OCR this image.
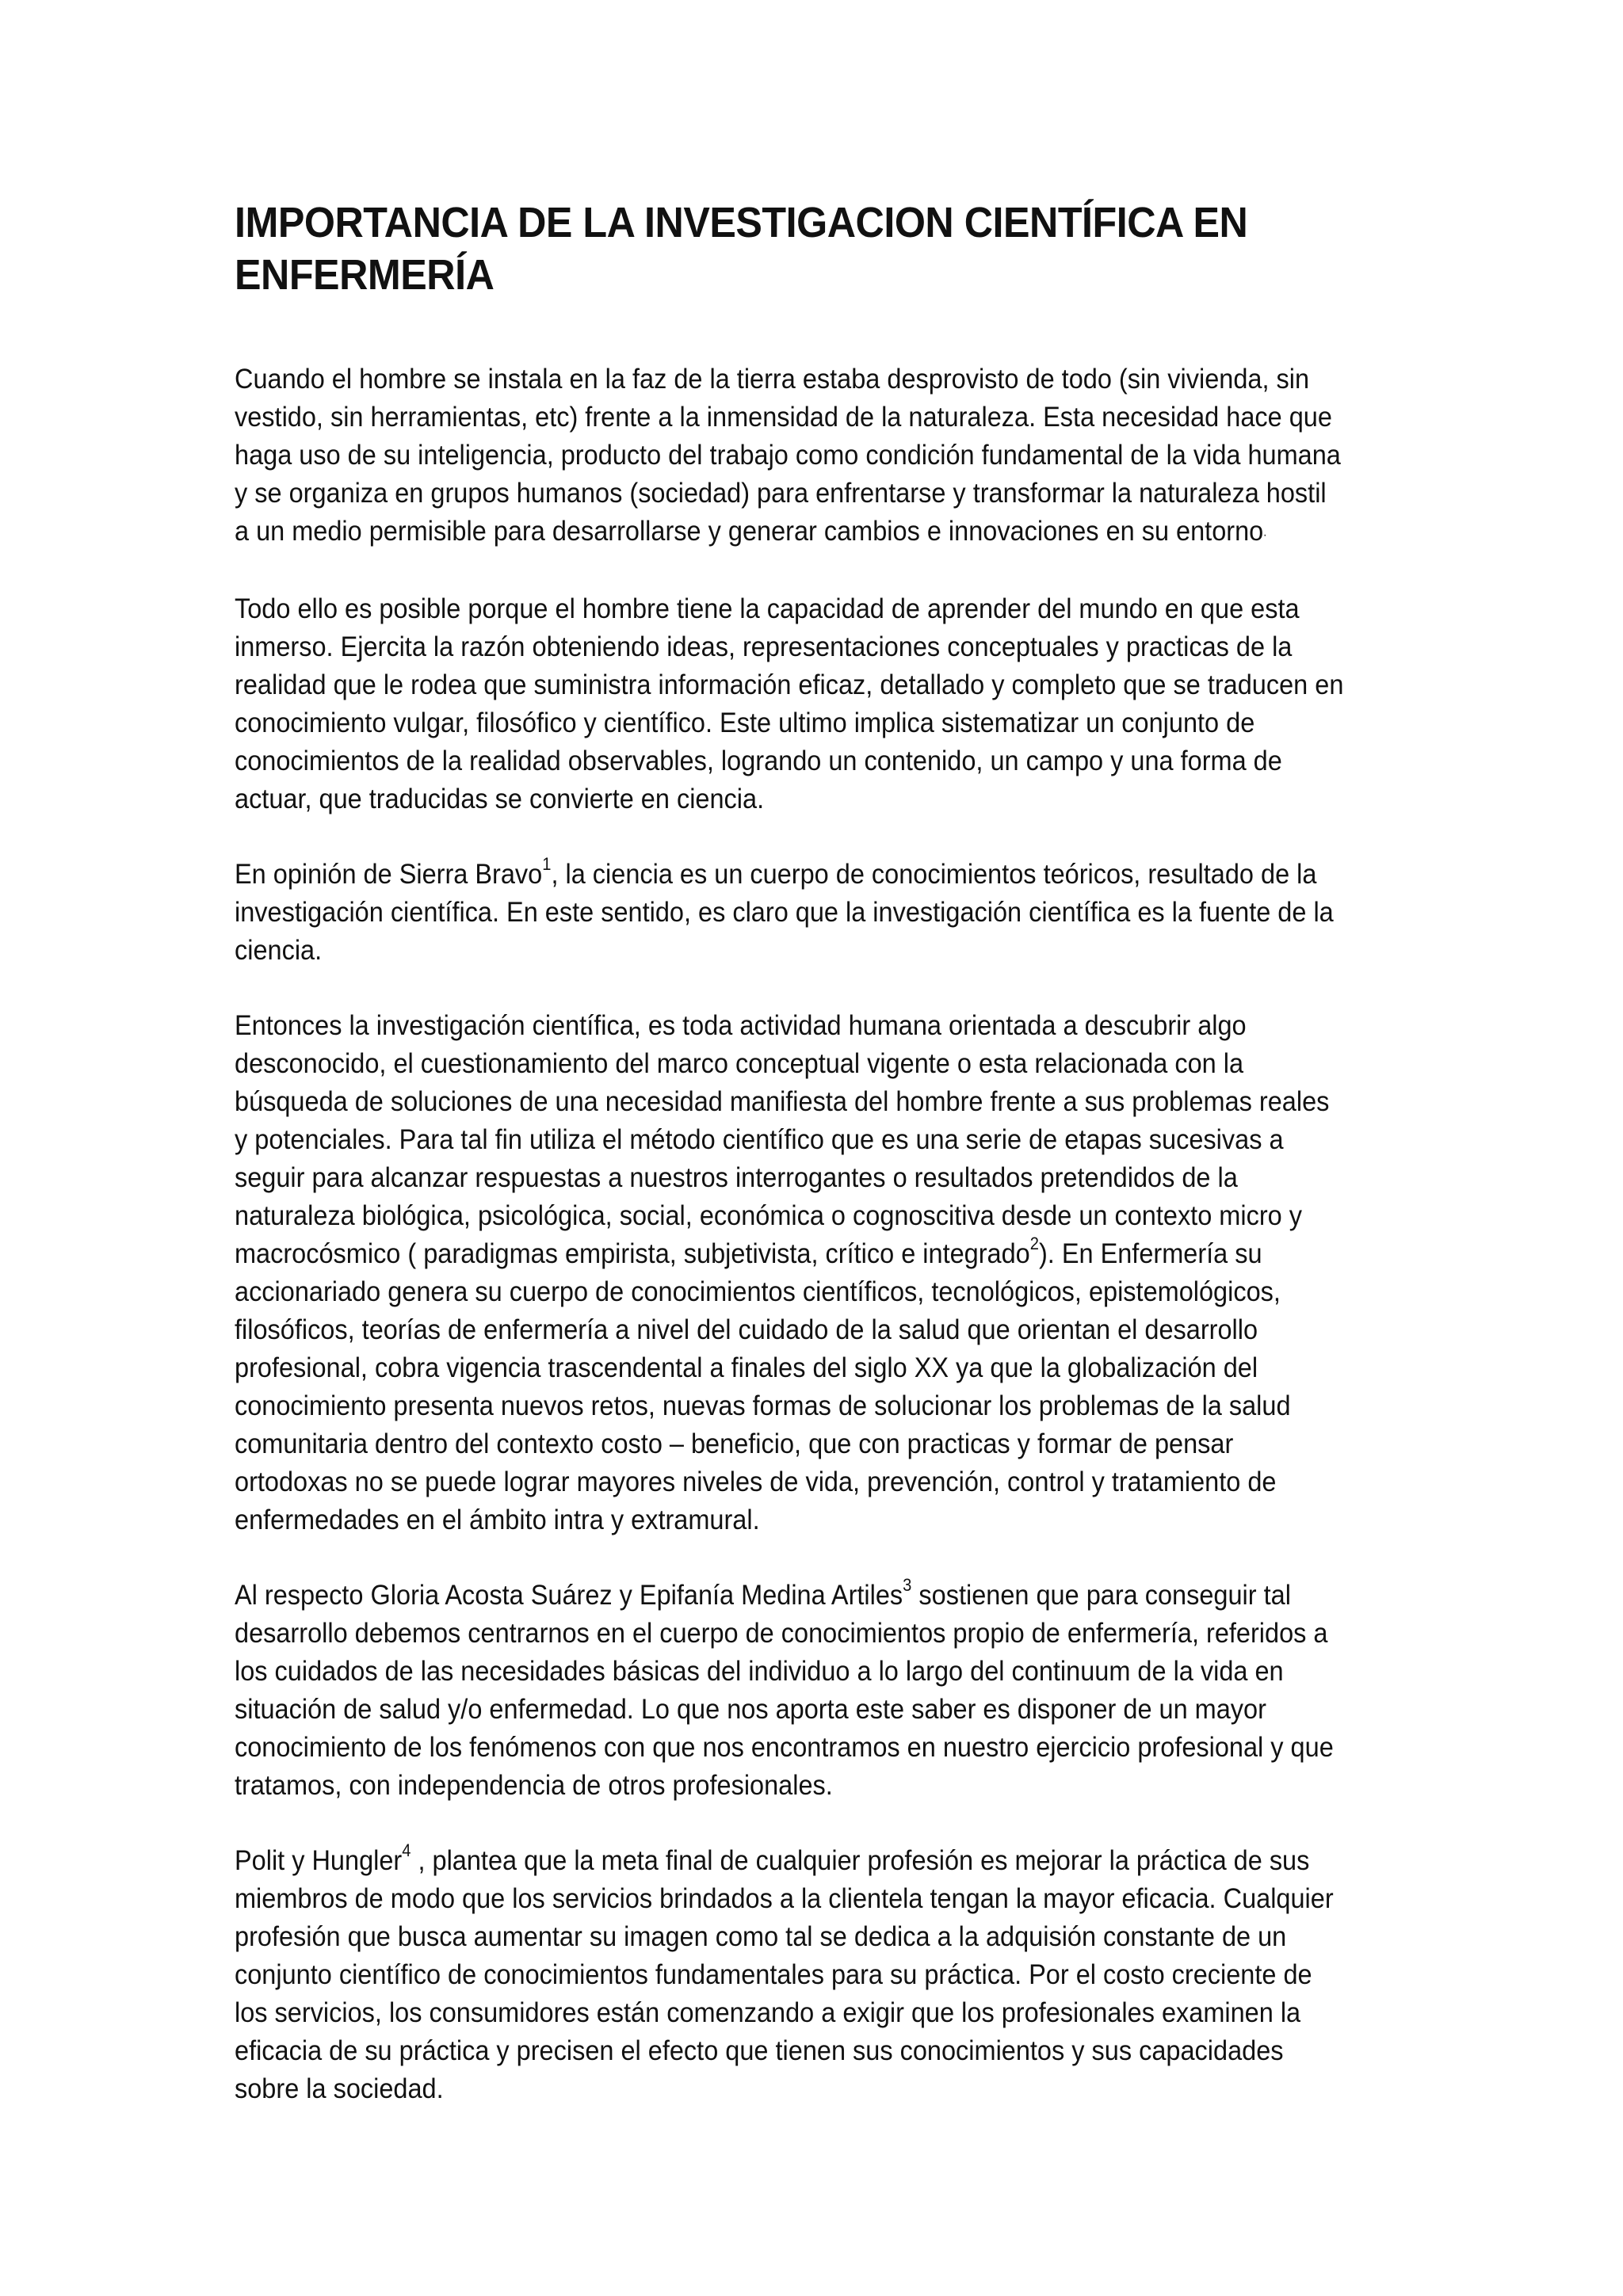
IMPORTANCIA DE LA INVESTIGACION CIENTÍFICA EN
ENFERMERÍA

Cuando el hombre se instala en la faz de la tierra estaba desprovisto de todo (sin vivienda, sin
vestido, sin herramientas, etc) frente a la inmensidad de la naturaleza. Esta necesidad hace que
haga uso de su inteligencia, producto del trabajo como condición fundamental de la vida humana
y se organiza en grupos humanos (sociedad) para enfrentarse y transformar la naturaleza hostil
a un medio permisible para desarrollarse y generar cambios e innovaciones en su entorno.

Todo ello es posible porque el hombre tiene la capacidad de aprender del mundo en que esta
inmerso. Ejercita la razón obteniendo ideas, representaciones conceptuales y practicas de la
realidad que le rodea que suministra información eficaz, detallado y completo que se traducen en
conocimiento vulgar, filosófico y científico. Este ultimo implica sistematizar un conjunto de
conocimientos de la realidad observables, logrando un contenido, un campo y una forma de
actuar, que traducidas se convierte en ciencia.

En opinión de Sierra Bravo$^1$, la ciencia es un cuerpo de conocimientos teóricos, resultado de la
investigación científica. En este sentido, es claro que la investigación científica es la fuente de la
ciencia.

Entonces la investigación científica, es toda actividad humana orientada a descubrir algo
desconocido, el cuestionamiento del marco conceptual vigente o esta relacionada con la
búsqueda de soluciones de una necesidad manifiesta del hombre frente a sus problemas reales
y potenciales. Para tal fin utiliza el método científico que es una serie de etapas sucesivas a
seguir para alcanzar respuestas a nuestros interrogantes o resultados pretendidos de la
naturaleza biológica, psicológica, social, económica o cognoscitiva desde un contexto micro y
macrocósmico ( paradigmas empirista, subjetivista, crítico e integrado$^2$). En Enfermería su
accionariado genera su cuerpo de conocimientos científicos, tecnológicos, epistemológicos,
filosóficos, teorías de enfermería a nivel del cuidado de la salud que orientan el desarrollo
profesional, cobra vigencia trascendental a finales del siglo XX ya que la globalización del
conocimiento presenta nuevos retos, nuevas formas de solucionar los problemas de la salud
comunitaria dentro del contexto costo – beneficio, que con practicas y formar de pensar
ortodoxas no se puede lograr mayores niveles de vida, prevención, control y tratamiento de
enfermedades en el ámbito intra y extramural.

Al respecto Gloria Acosta Suárez y Epifanía Medina Artiles$^3$ sostienen que para conseguir tal
desarrollo debemos centrarnos en el cuerpo de conocimientos propio de enfermería, referidos a
los cuidados de las necesidades básicas del individuo a lo largo del continuum de la vida en
situación de salud y/o enfermedad. Lo que nos aporta este saber es disponer de un mayor
conocimiento de los fenómenos con que nos encontramos en nuestro ejercicio profesional y que
tratamos, con independencia de otros profesionales.

Polit y Hungler$^4$ , plantea que la meta final de cualquier profesión es mejorar la práctica de sus
miembros de modo que los servicios brindados a la clientela tengan la mayor eficacia. Cualquier
profesión que busca aumentar su imagen como tal se dedica a la adquisión constante de un
conjunto científico de conocimientos fundamentales para su práctica. Por el costo creciente de
los servicios, los consumidores están comenzando a exigir que los profesionales examinen la
eficacia de su práctica y precisen el efecto que tienen sus conocimientos y sus capacidades
sobre la sociedad.
